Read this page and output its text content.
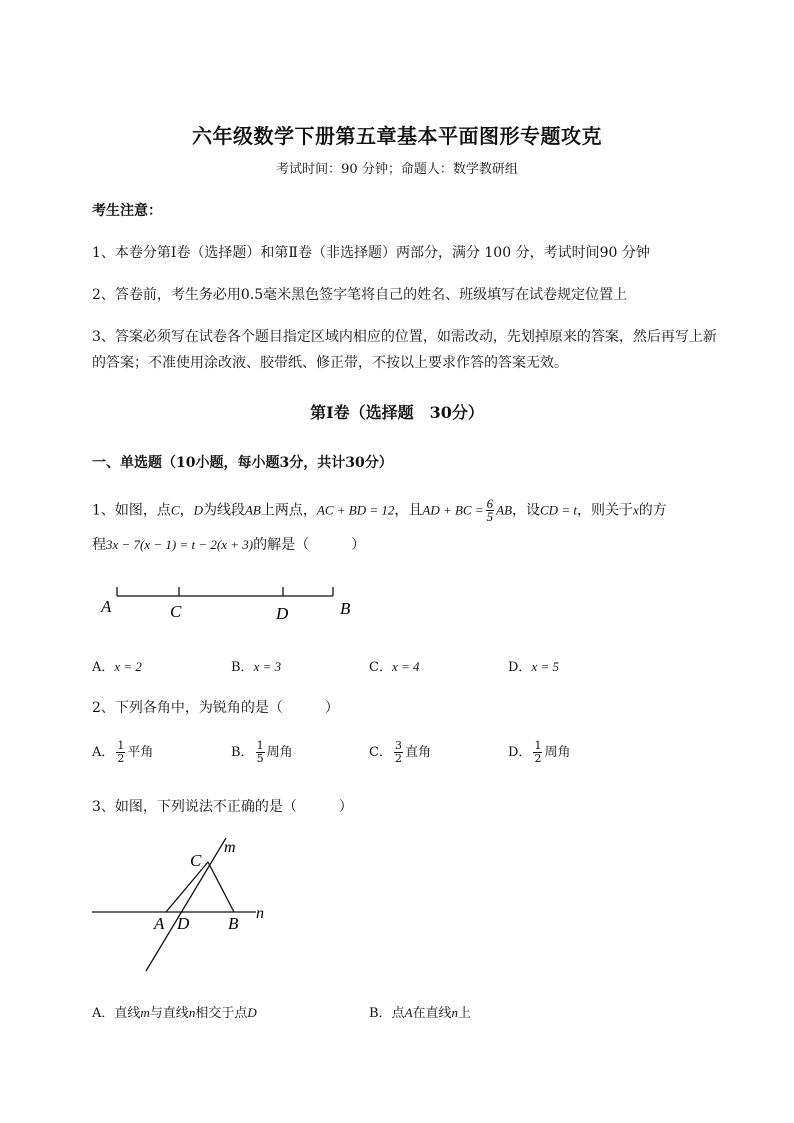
六年级数学下册第五章基本平面图形专题攻克
考试时间：90 分钟；命题人：数学教研组
考生注意：
1、本卷分第Ⅰ卷（选择题）和第Ⅱ卷（非选择题）两部分，满分 100 分，考试时间90 分钟
2、答卷前，考生务必用0.5毫米黑色签字笔将自己的姓名、班级填写在试卷规定位置上
3、答案必须写在试卷各个题目指定区域内相应的位置，如需改动，先划掉原来的答案，然后再写上新
的答案；不准使用涂改液、胶带纸、修正带，不按以上要求作答的答案无效。
第Ⅰ卷（选择题　30分）
一、单选题（10小题，每小题3分，共计30分）
1、如图，点C，D为线段AB上两点，AC + BD = 12，且AD + BC = $\frac{6}{5}$ AB，设CD = t，则关于x的方
程3x − 7(x − 1) = t − 2(x + 3)的解是（　　　）
A	C	D	B
A．x = 2	B．x = 3	C．x = 4	D．x = 5
2、下列各角中，为锐角的是（　　　）
A． $\frac{1}{2}$ 平角	B． $\frac{1}{5}$ 周角	C． $\frac{3}{2}$ 直角	D． $\frac{1}{2}$ 周角
3、如图，下列说法不正确的是（　　　）
C
m
A D B
n
A．直线m与直线n相交于点D	B．点A在直线n上
